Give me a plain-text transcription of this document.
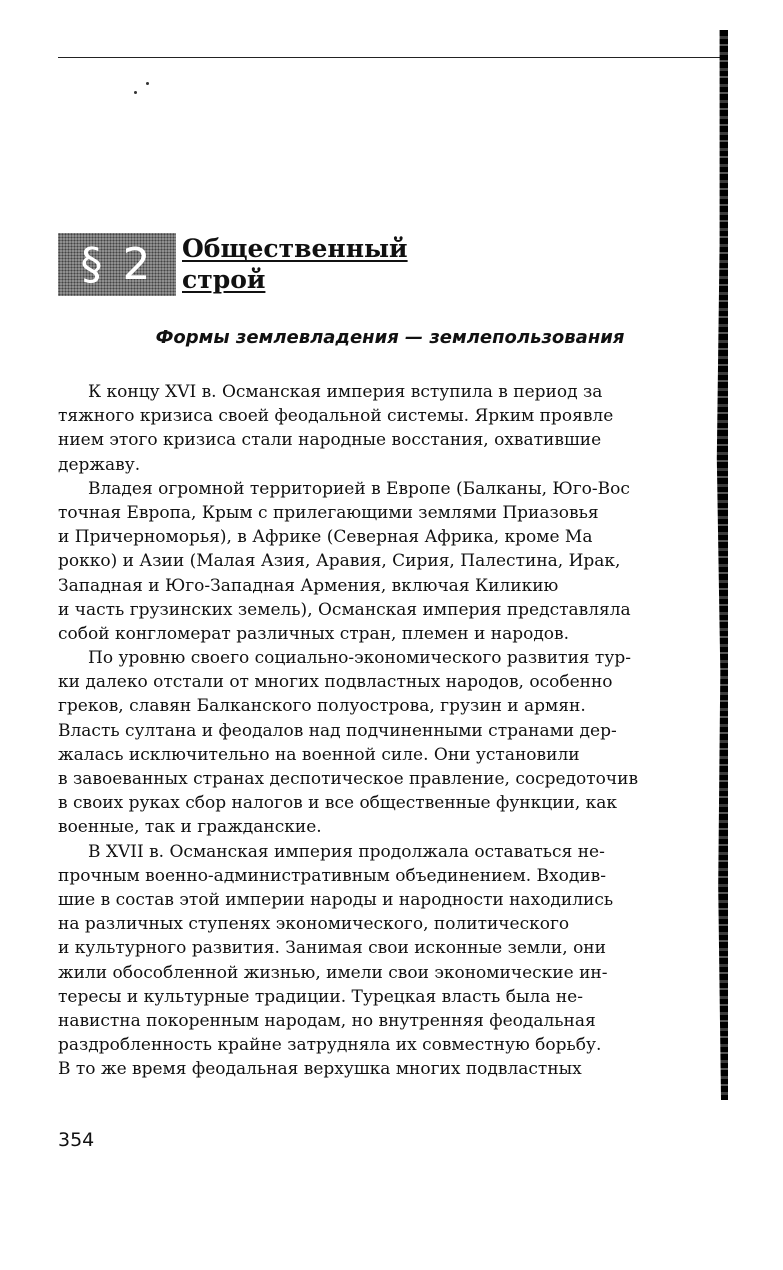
§ 2	Общественный
строй
Формы землевладения — землепользования
К концу XVI в. Османская империя вступила в период за
тяжного кризиса своей феодальной системы. Ярким проявле
нием этого кризиса стали народные восстания, охватившие
державу.
Владея огромной территорией в Европе (Балканы, Юго-Вос
точная Европа, Крым с прилегающими землями Приазовья
и Причерноморья), в Африке (Северная Африка, кроме Ма
рокко) и Азии (Малая Азия, Аравия, Сирия, Палестина, Ирак,
Западная и Юго-Западная Армения, включая Киликию
и часть грузинских земель), Османская империя представляла
собой конгломерат различных стран, племен и народов.
По уровню своего социально-экономического развития тур-
ки далеко отстали от многих подвластных народов, особенно
греков, славян Балканского полуострова, грузин и армян.
Власть султана и феодалов над подчиненными странами дер-
жалась исключительно на военной силе. Они установили
в завоеванных странах деспотическое правление, сосредоточив
в своих руках сбор налогов и все общественные функции, как
военные, так и гражданские.
В XVII в. Османская империя продолжала оставаться не-
прочным военно-административным объединением. Входив-
шие в состав этой империи народы и народности находились
на различных ступенях экономического, политического
и культурного развития. Занимая свои исконные земли, они
жили обособленной жизнью, имели свои экономические ин-
тересы и культурные традиции. Турецкая власть была не-
навистна покоренным народам, но внутренняя феодальная
раздробленность крайне затрудняла их совместную борьбу.
В то же время феодальная верхушка многих подвластных
354
